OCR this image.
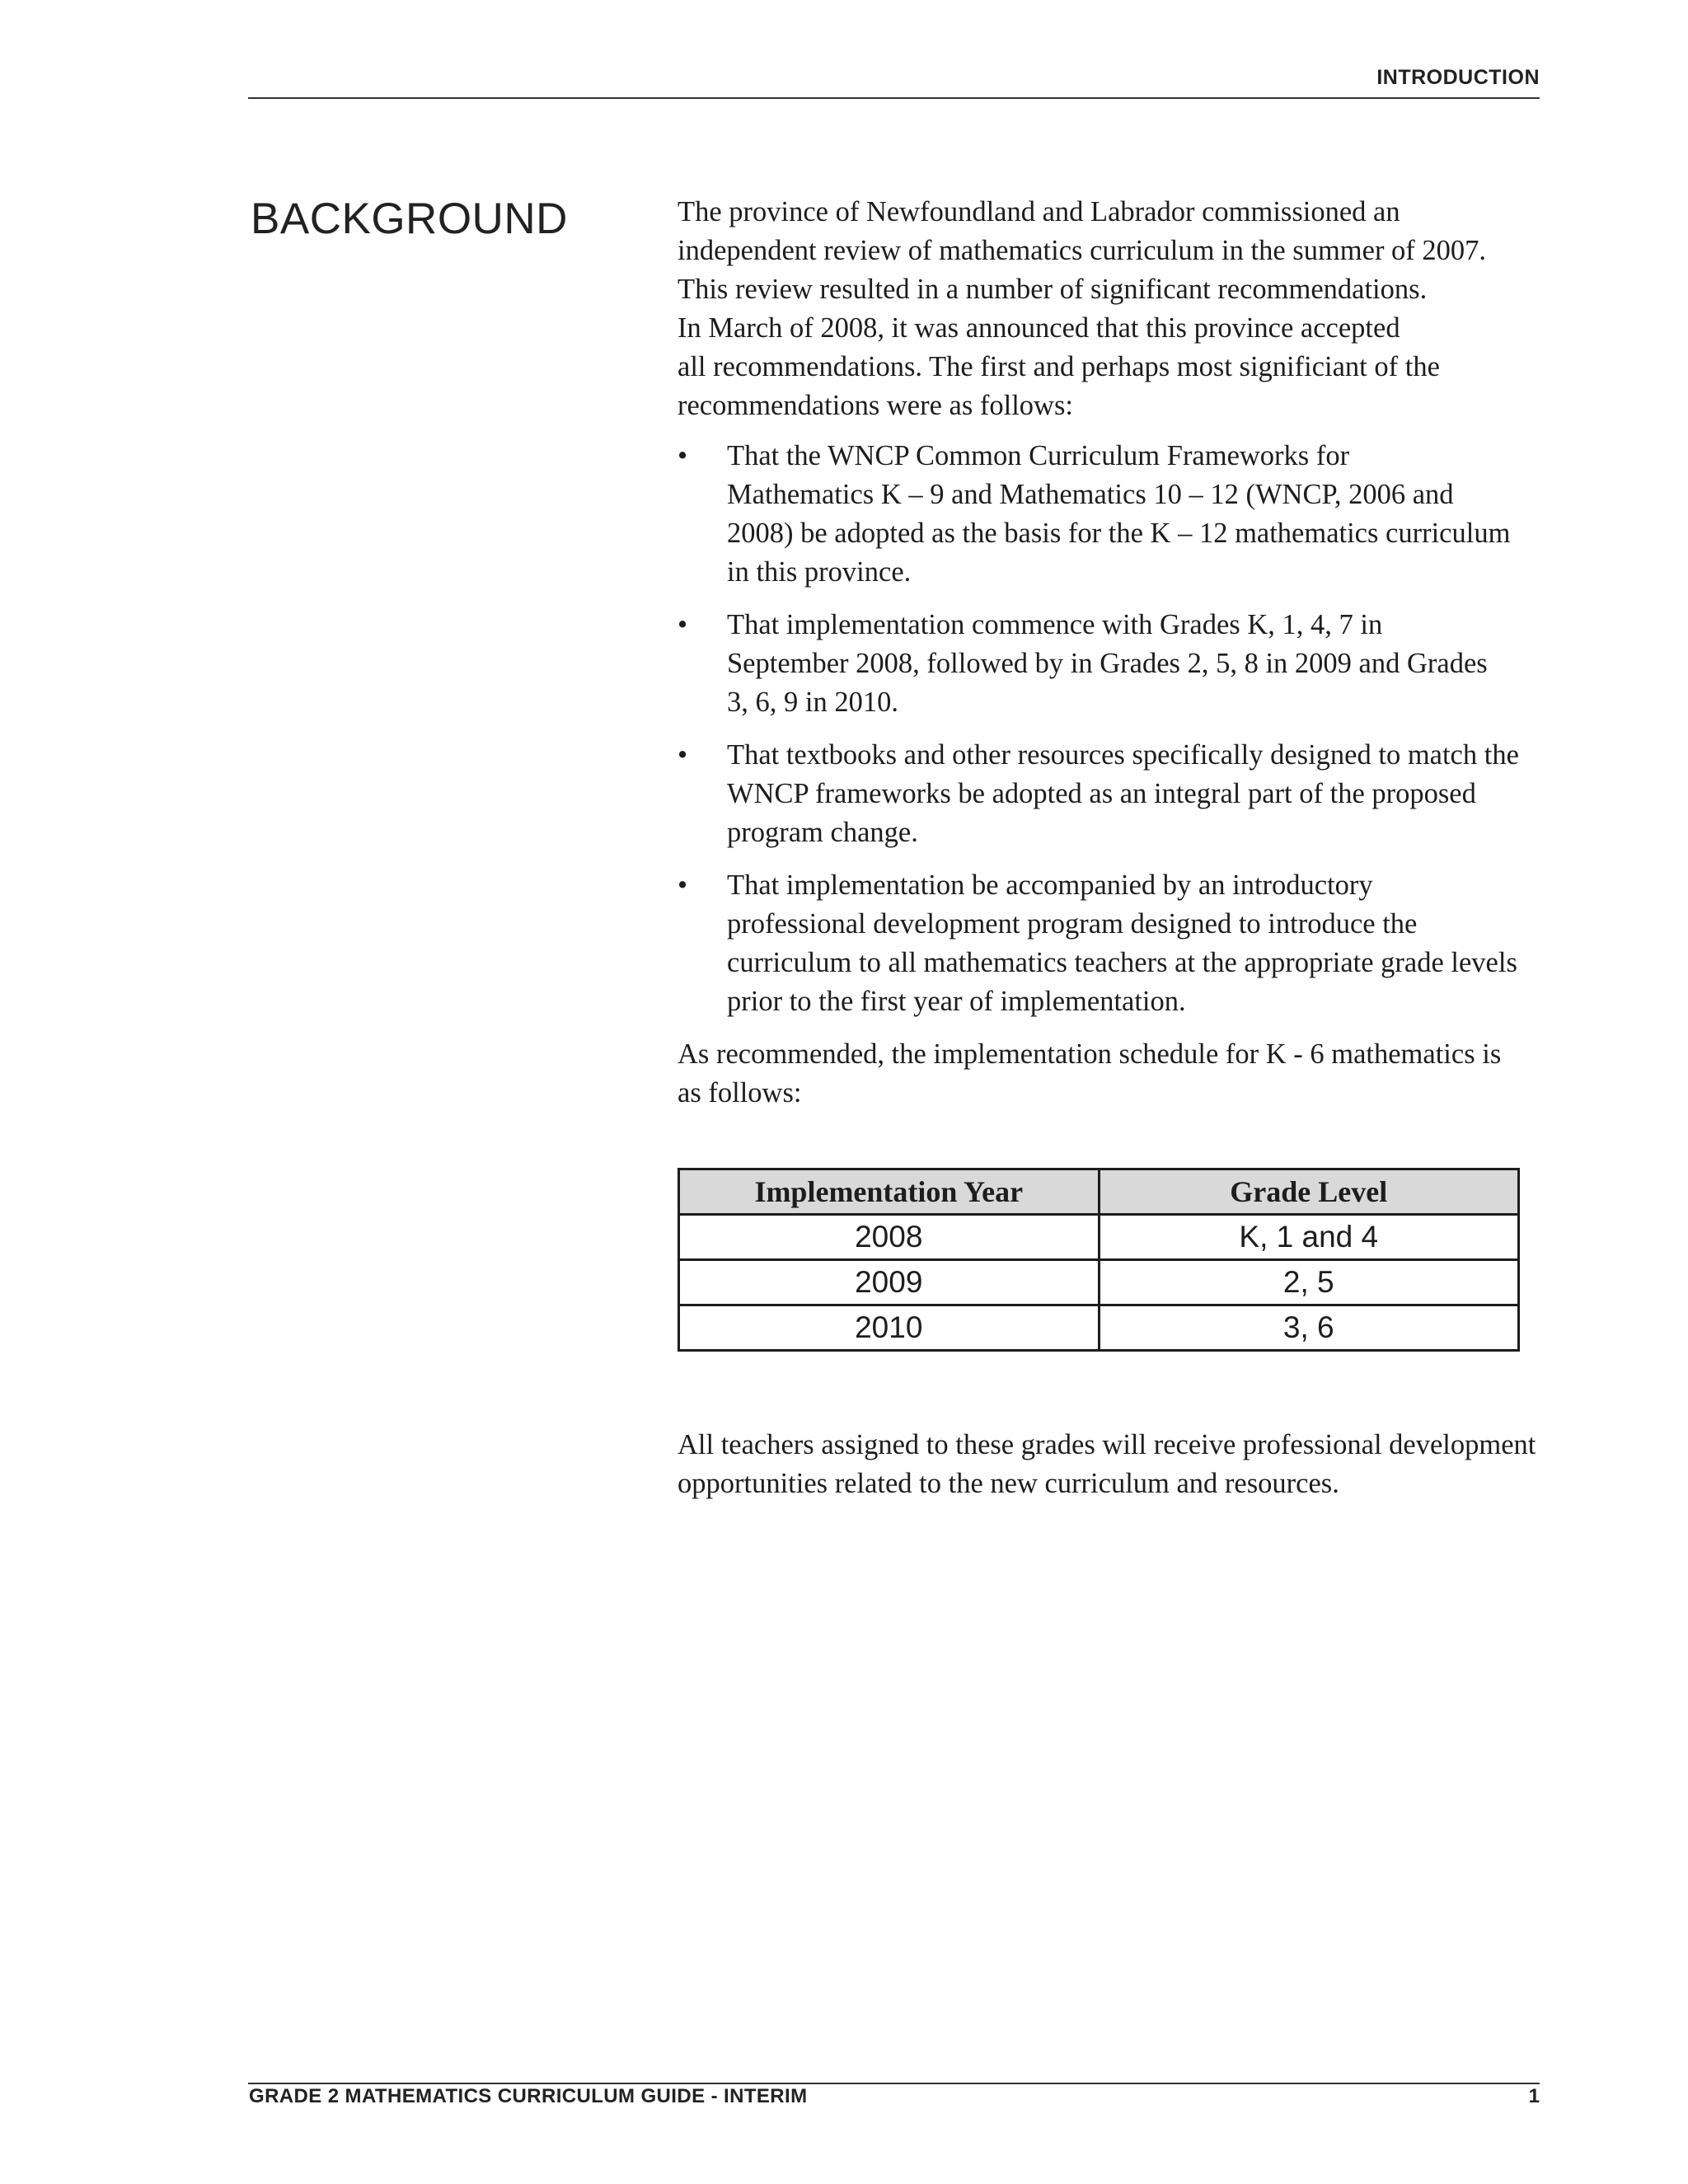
INTRODUCTION
BACKGROUND	The province of Newfoundland and Labrador commissioned an
independent review of mathematics curriculum in the summer of 2007.
This review resulted in a number of significant recommendations.
In March of 2008, it was announced that this province accepted
all recommendations. The first and perhaps most significiant of the
recommendations were as follows:

• That the WNCP Common Curriculum Frameworks for
Mathematics K – 9 and Mathematics 10 – 12 (WNCP, 2006 and
2008) be adopted as the basis for the K – 12 mathematics curriculum
in this province.
• That implementation commence with Grades K, 1, 4, 7 in
September 2008, followed by in Grades 2, 5, 8 in 2009 and Grades
3, 6, 9 in 2010.
• That textbooks and other resources specifically designed to match the
WNCP frameworks be adopted as an integral part of the proposed
program change.
• That implementation be accompanied by an introductory
professional development program designed to introduce the
curriculum to all mathematics teachers at the appropriate grade levels
prior to the first year of implementation.

As recommended, the implementation schedule for K - 6 mathematics is
as follows:

Implementation Year	Grade Level
2008	K, 1 and 4
2009	2, 5
2010	3, 6

All teachers assigned to these grades will receive professional development
opportunities related to the new curriculum and resources.

GRADE 2 MATHEMATICS CURRICULUM GUIDE - INTERIM	1
